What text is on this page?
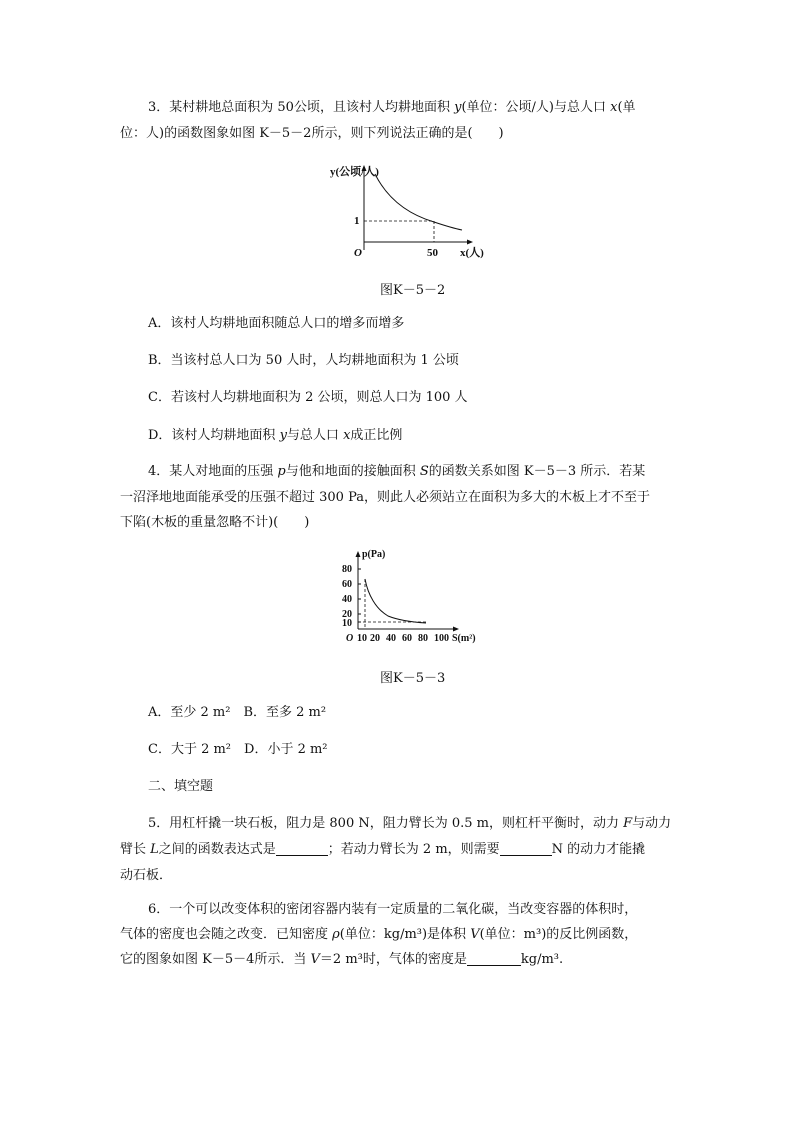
3．某村耕地总面积为 50公顷，且该村人均耕地面积 y(单位：公顷/人)与总人口 x(单
位：人)的函数图象如图 K－5－2所示，则下列说法正确的是(　　)
y(公顷/人)
1
O	50 x(人)
图K－5－2
A．该村人均耕地面积随总人口的增多而增多
B．当该村总人口为 50 人时，人均耕地面积为 1 公顷
C．若该村人均耕地面积为 2 公顷，则总人口为 100 人
D．该村人均耕地面积 y与总人口 x成正比例
4．某人对地面的压强 p与他和地面的接触面积 S的函数关系如图 K－5－3 所示．若某
一沼泽地地面能承受的压强不超过 300 Pa，则此人必须站立在面积为多大的木板上才不至于
下陷(木板的重量忽略不计)(　　)
p(Pa)
80
60
40
20
10
O 10 20 40 60 80 100 S(m²)
图K－5－3
A．至少 2 m²　B．至多 2 m²
C．大于 2 m²　D．小于 2 m²
二、填空题
5．用杠杆撬一块石板，阻力是 800 N，阻力臂长为 0.5 m，则杠杆平衡时，动力 F与动力
臂长 L之间的函数表达式是	；若动力臂长为 2 m，则需要	N 的动力才能撬
动石板．
6．一个可以改变体积的密闭容器内装有一定质量的二氧化碳，当改变容器的体积时，
气体的密度也会随之改变．已知密度 ρ(单位：kg/m³)是体积 V(单位：m³)的反比例函数，
它的图象如图 K－5－4所示．当 V＝2 m³时，气体的密度是	kg/m³.
